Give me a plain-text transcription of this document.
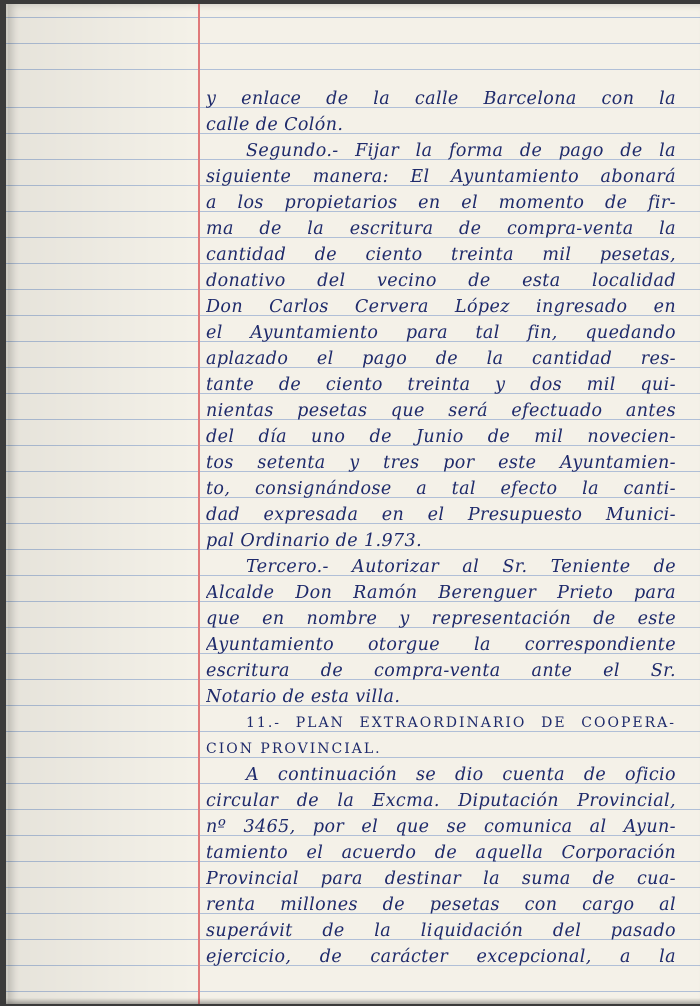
y enlace de la calle Barcelona con la
calle de Colón.
Segundo.- Fijar la forma de pago de la
siguiente manera: El Ayuntamiento abonará
a los propietarios en el momento de fir-
ma de la escritura de compra-venta la
cantidad de ciento treinta mil pesetas,
donativo del vecino de esta localidad
Don Carlos Cervera López ingresado en
el Ayuntamiento para tal fin, quedando
aplazado el pago de la cantidad res-
tante de ciento treinta y dos mil qui-
nientas pesetas que será efectuado antes
del día uno de Junio de mil novecien-
tos setenta y tres por este Ayuntamien-
to, consignándose a tal efecto la canti-
dad expresada en el Presupuesto Munici-
pal Ordinario de 1.973.
Tercero.- Autorizar al Sr. Teniente de
Alcalde Don Ramón Berenguer Prieto para
que en nombre y representación de este
Ayuntamiento otorgue la correspondiente
escritura de compra-venta ante el Sr.
Notario de esta villa.
11.- PLAN EXTRAORDINARIO DE COOPERA-
CION PROVINCIAL.
A continuación se dio cuenta de oficio
circular de la Excma. Diputación Provincial,
nº 3465, por el que se comunica al Ayun-
tamiento el acuerdo de aquella Corporación
Provincial para destinar la suma de cua-
renta millones de pesetas con cargo al
superávit de la liquidación del pasado
ejercicio, de carácter excepcional, a la
